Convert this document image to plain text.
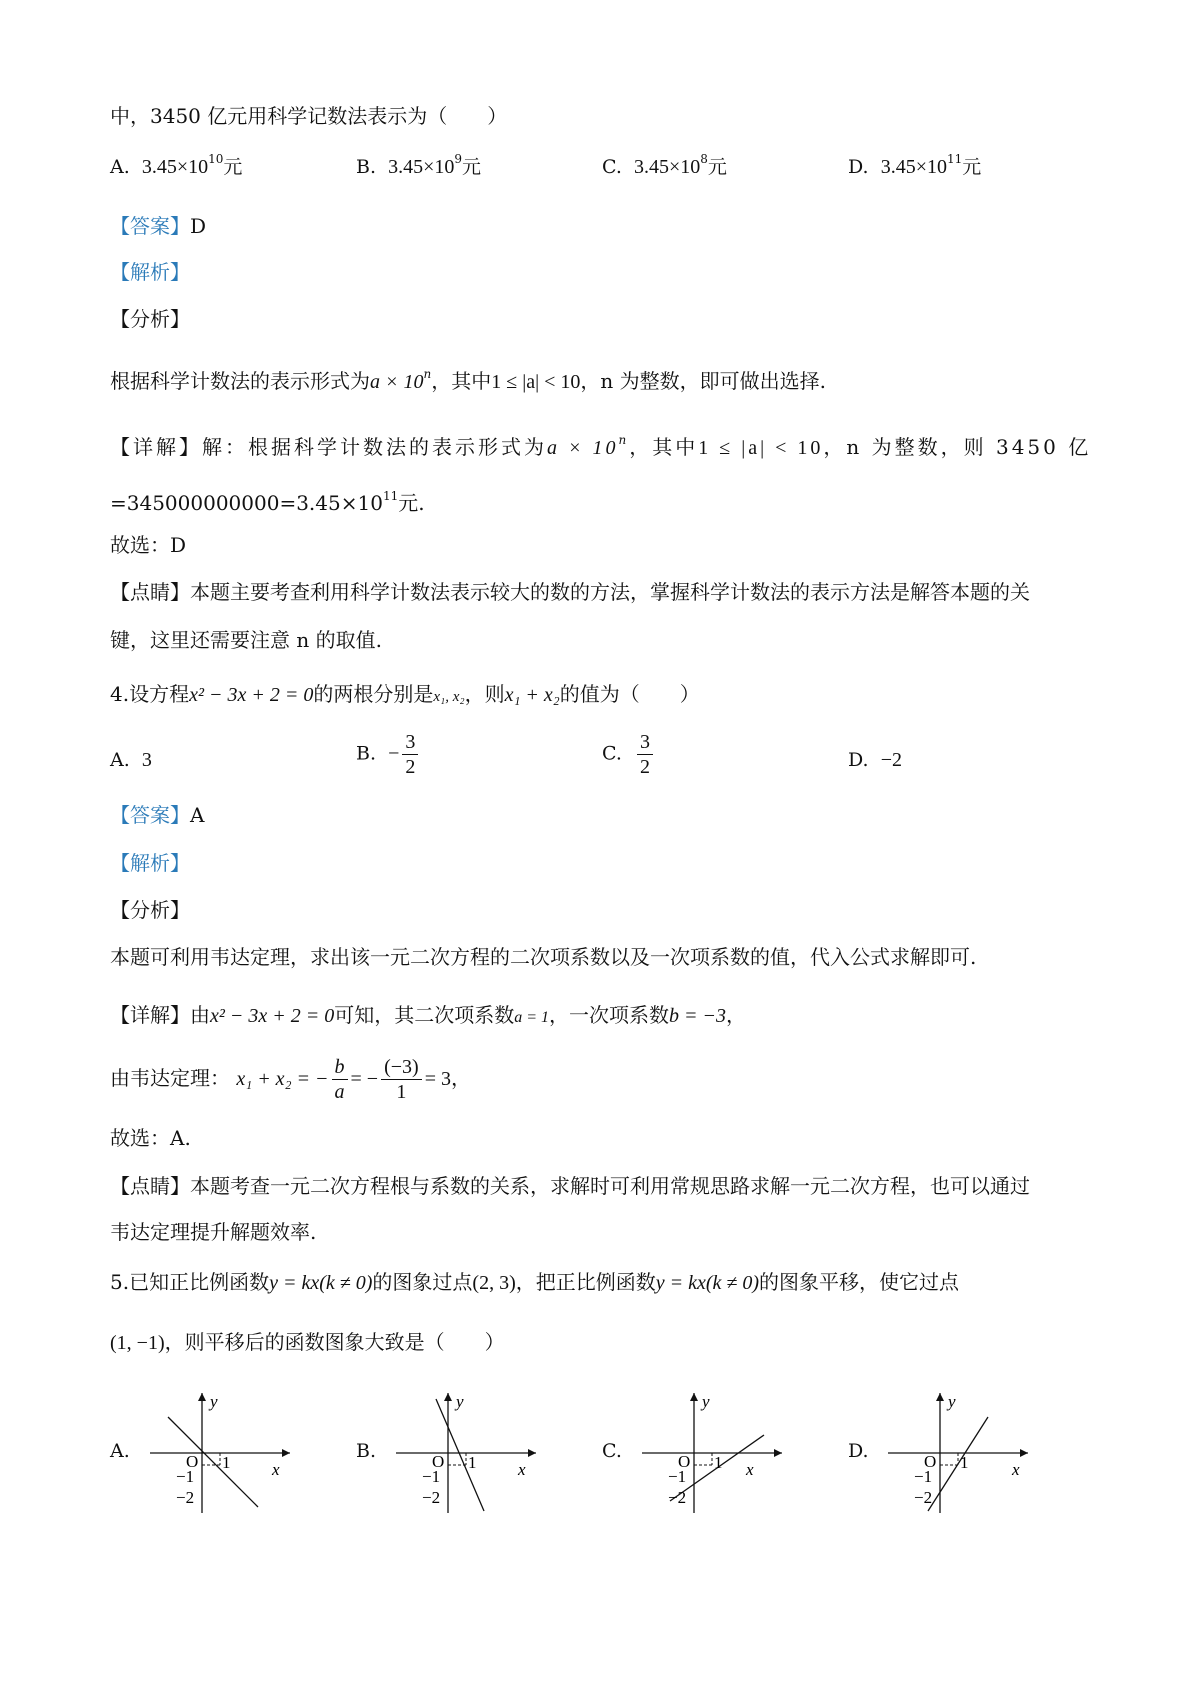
中，3450 亿元用科学记数法表示为（　　）
A. $3.45\times 10^{10}$元	B. $3.45\times 10^9$元	C. $3.45\times 10^8$元	D. $3.45\times 10^{11}$元
【答案】D
【解析】
【分析】
根据科学计数法的表示形式为$a \times 10^n$，其中1 ≤ |a| < 10，n 为整数，即可做出选择.
【详解】解：根据科学计数法的表示形式为$a \times 10^n$，其中1 ≤ |a| < 10，n 为整数，则 3450 亿
$=345000000000=3.45\times 10^{11}$元.
故选：D
【点睛】本题主要考查利用科学计数法表示较大的数的方法，掌握科学计数法的表示方法是解答本题的关
键，这里还需要注意 n 的取值.
4.设方程x² − 3x + 2 = 0的两根分别是x₁, x₂，则x₁ + x₂的值为（　　）
A. 3	B. − $\frac{3}{2}$	C. $\frac{3}{2}$	D. −2
【答案】A
【解析】
【分析】
本题可利用韦达定理，求出该一元二次方程的二次项系数以及一次项系数的值，代入公式求解即可.
【详解】由x² − 3x + 2 = 0可知，其二次项系数a = 1，一次项系数b = −3，
由韦达定理： x₁ + x₂ = − $\frac{b}{a}$ = − $\frac{(-3)}{1} = 3$，
故选：A.
【点睛】本题考查一元二次方程根与系数的关系，求解时可利用常规思路求解一元二次方程，也可以通过
韦达定理提升解题效率.
5.已知正比例函数y = kx(k ≠ 0)的图象过点(2, 3)，把正比例函数y = kx(k ≠ 0)的图象平移，使它过点
(1, −1)，则平移后的函数图象大致是（　　）
A.	B.	C.	D.
y
x
O 1
−1
−2
y
x
O 1
−1
−2
y
x
O 1
−1
−2
y
x
O 1
−1
−2
